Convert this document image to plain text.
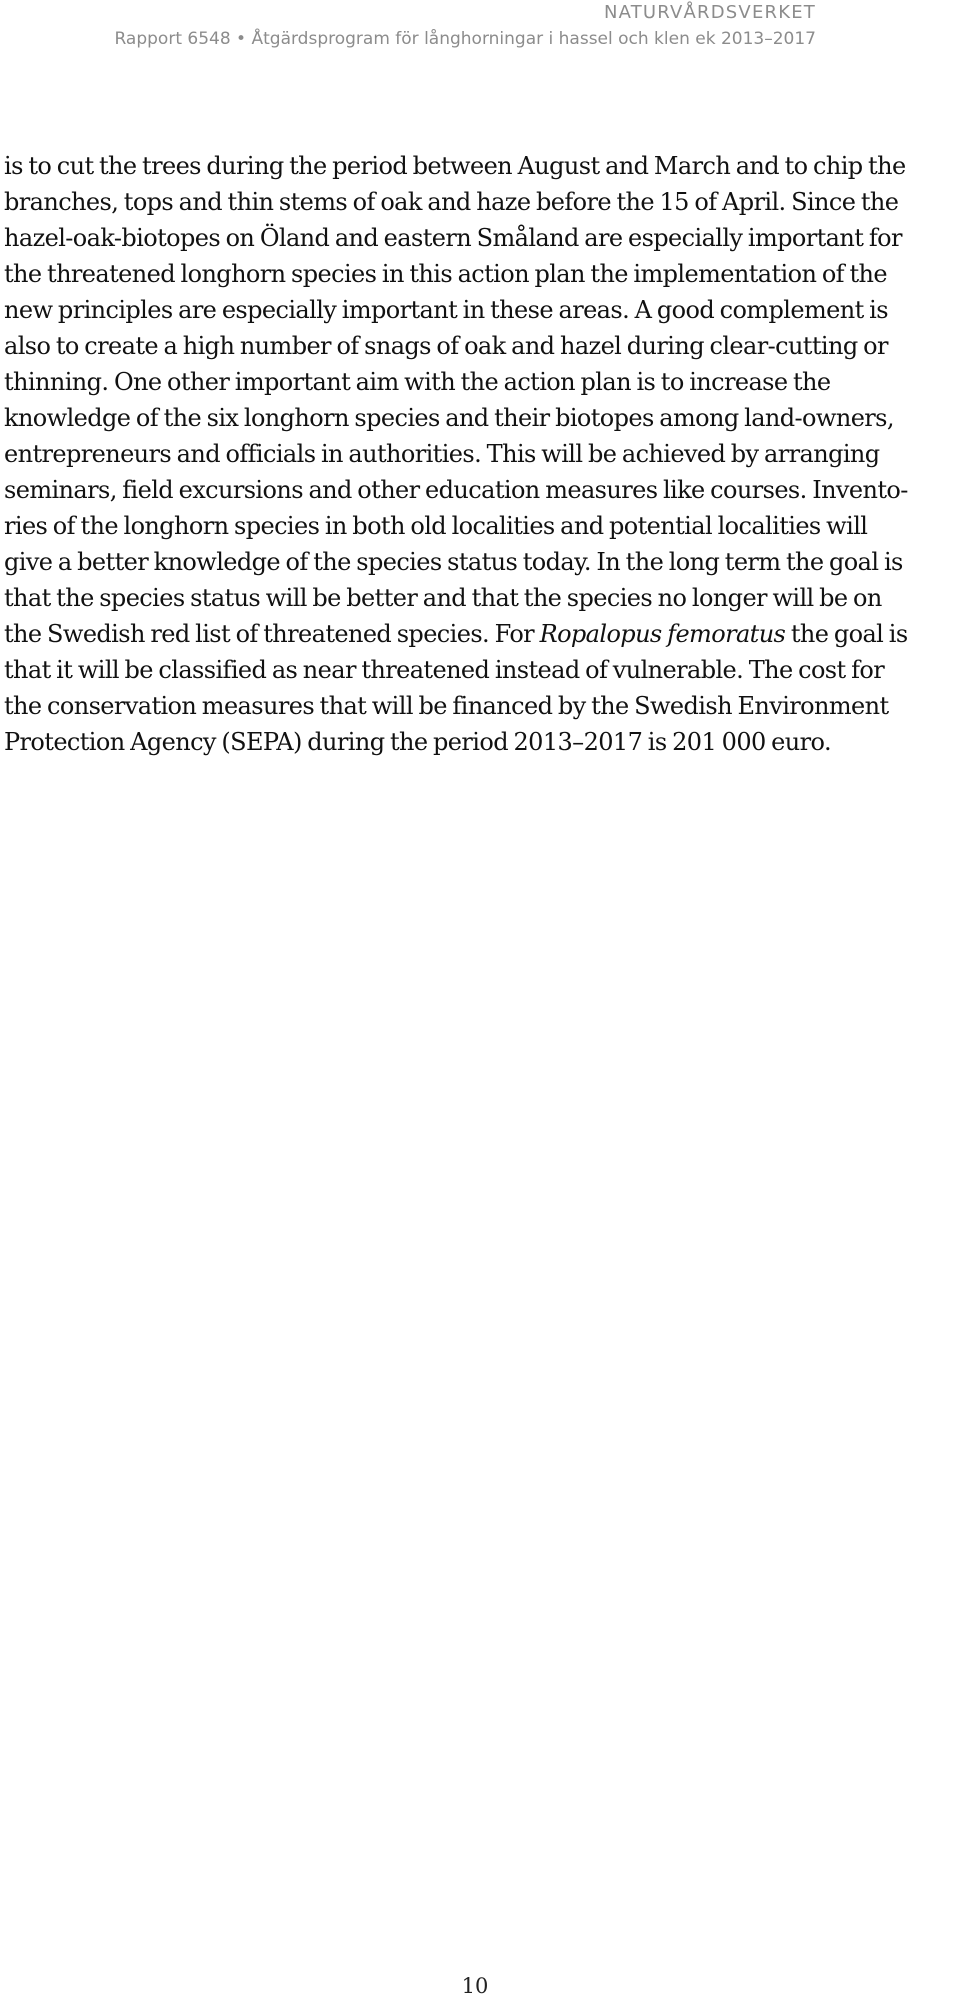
NATURVÅRDSVERKET
Rapport 6548 • Åtgärdsprogram för långhorningar i hassel och klen ek 2013–2017
is to cut the trees during the period between August and March and to chip the
branches, tops and thin stems of oak and haze before the 15 of April. Since the
hazel-oak-biotopes on Öland and eastern Småland are especially important for
the threatened longhorn species in this action plan the implementation of the
new principles are especially important in these areas. A good complement is
also to create a high number of snags of oak and hazel during clear-cutting or
thinning. One other important aim with the action plan is to increase the
knowledge of the six longhorn species and their biotopes among land-owners,
entrepreneurs and officials in authorities. This will be achieved by arranging
seminars, field excursions and other education measures like courses. Invento-
ries of the longhorn species in both old localities and potential localities will
give a better knowledge of the species status today. In the long term the goal is
that the species status will be better and that the species no longer will be on
the Swedish red list of threatened species. For Ropalopus femoratus the goal is
that it will be classified as near threatened instead of vulnerable. The cost for
the conservation measures that will be financed by the Swedish Environment
Protection Agency (SEPA) during the period 2013–2017 is 201 000 euro.
10
